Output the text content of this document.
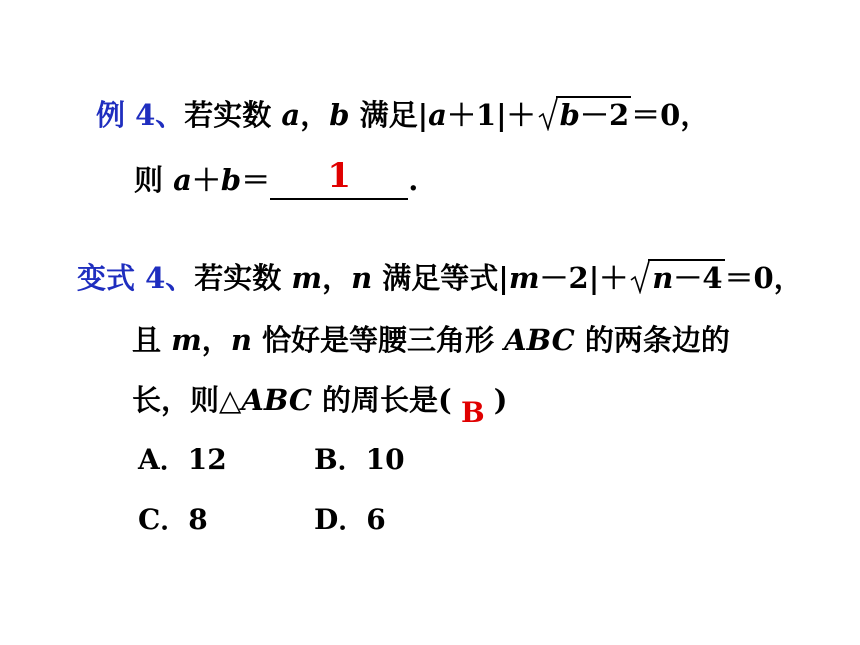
例 4、若实数 a，b 满足|a＋1|＋ b－2＝0，
则 a＋b＝	1	.
变式 4、若实数 m，n 满足等式|m－2|＋ n－4＝0，
且 m，n 恰好是等腰三角形 ABC 的两条边的
长，则△ABC 的周长是( B )
A．12	B．10
C．8	D．6
